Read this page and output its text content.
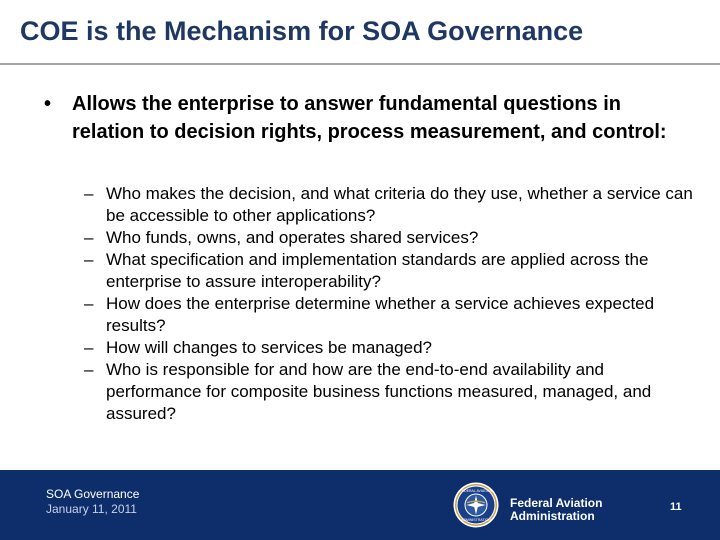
COE is the Mechanism for SOA Governance
• Allows the enterprise to answer fundamental questions in relation to decision rights, process measurement, and control:
– Who makes the decision, and what criteria do they use, whether a service can be accessible to other applications?
– Who funds, owns, and operates shared services?
– What specification and implementation standards are applied across the enterprise to assure interoperability?
– How does the enterprise determine whether a service achieves expected results?
– How will changes to services be managed?
– Who is responsible for and how are the end-to-end availability and performance for composite business functions measured, managed, and assured?
SOA Governance
January 11, 2011
FEDERAL AVIATION
ADMINISTRATION
Federal Aviation
Administration
11
